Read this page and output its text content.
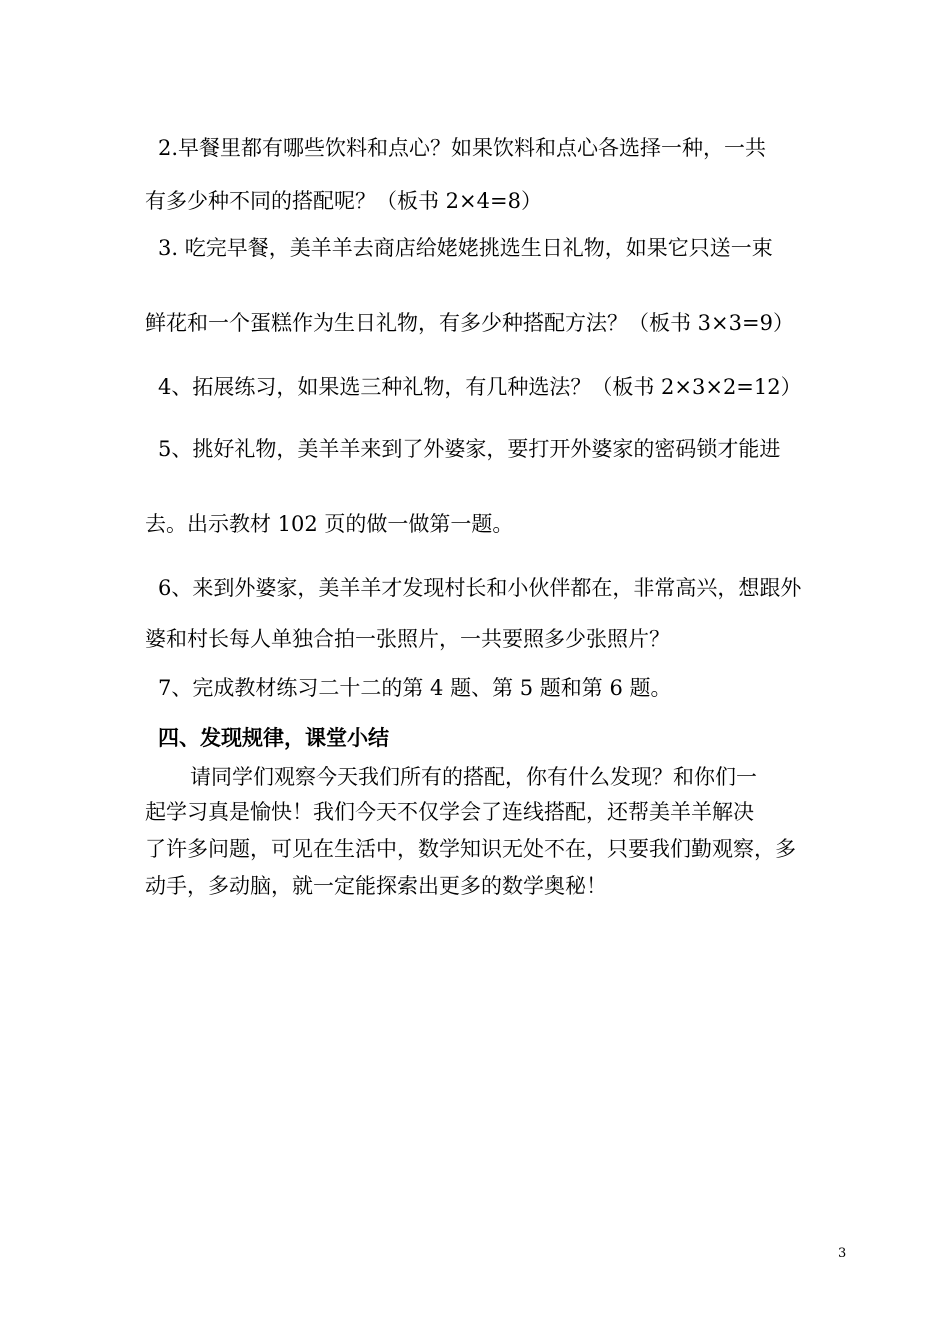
2.早餐里都有哪些饮料和点心？如果饮料和点心各选择一种，一共
有多少种不同的搭配呢？（板书 2×4=8）
3. 吃完早餐，美羊羊去商店给姥姥挑选生日礼物，如果它只送一束
鲜花和一个蛋糕作为生日礼物，有多少种搭配方法？（板书 3×3=9）
4、拓展练习，如果选三种礼物，有几种选法？（板书 2×3×2=12）
5、挑好礼物，美羊羊来到了外婆家，要打开外婆家的密码锁才能进
去。出示教材 102 页的做一做第一题。
6、来到外婆家，美羊羊才发现村长和小伙伴都在，非常高兴，想跟外
婆和村长每人单独合拍一张照片，一共要照多少张照片？
7、完成教材练习二十二的第 4 题、第 5 题和第 6 题。
四、发现规律，课堂小结
请同学们观察今天我们所有的搭配，你有什么发现？和你们一
起学习真是愉快！我们今天不仅学会了连线搭配，还帮美羊羊解决
了许多问题，可见在生活中，数学知识无处不在，只要我们勤观察，多
动手，多动脑，就一定能探索出更多的数学奥秘！
3
